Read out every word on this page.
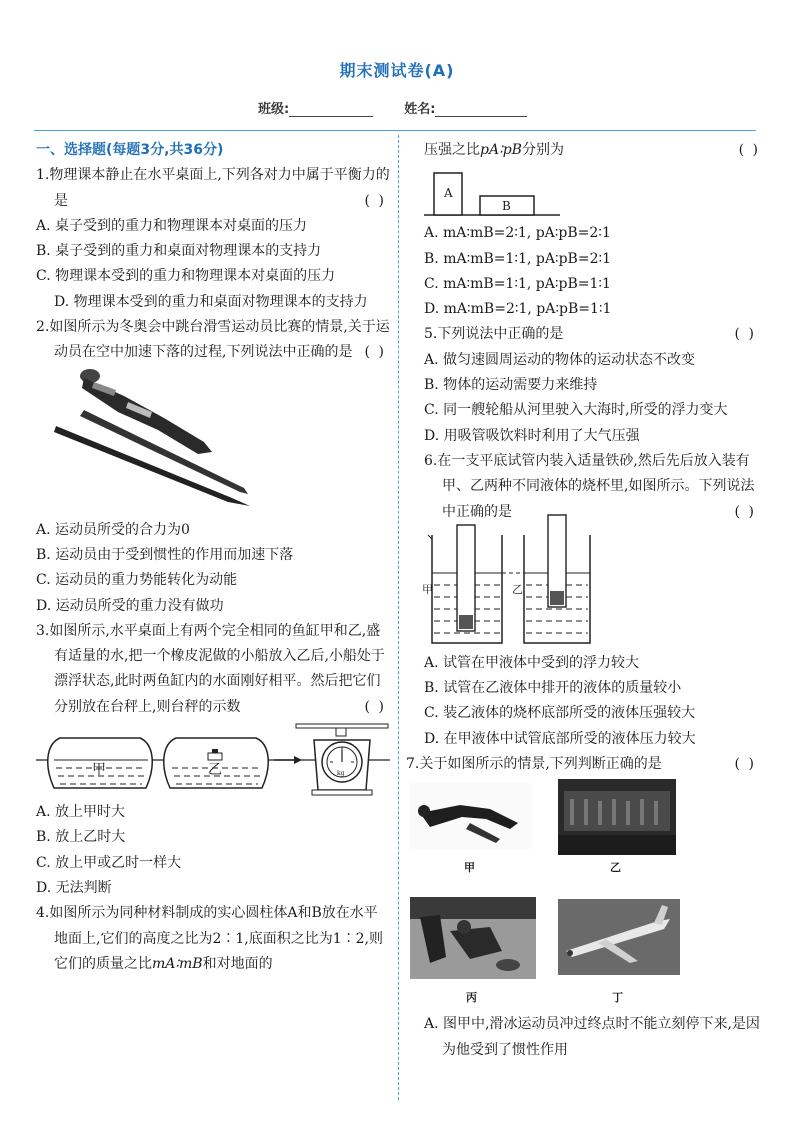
期末测试卷(A)
班级:	姓名:
一、选择题(每题3分,共36分)
1.物理课本静止在水平桌面上,下列各对力中属于平衡力的是	( )
A. 桌子受到的重力和物理课本对桌面的压力
B. 桌子受到的重力和桌面对物理课本的支持力
C. 物理课本受到的重力和物理课本对桌面的压力
D. 物理课本受到的重力和桌面对物理课本的支持力
2.如图所示为冬奥会中跳台滑雪运动员比赛的情景,关于运动员在空中加速下落的过程,下列说法中正确的是 ( )
A. 运动员所受的合力为0
B. 运动员由于受到惯性的作用而加速下落
C. 运动员的重力势能转化为动能
D. 运动员所受的重力没有做功
3.如图所示,水平桌面上有两个完全相同的鱼缸甲和乙,盛有适量的水,把一个橡皮泥做的小船放入乙后,小船处于漂浮状态,此时两鱼缸内的水面刚好相平。然后把它们分别放在台秤上,则台秤的示数	( )
甲	乙	kg
A. 放上甲时大
B. 放上乙时大
C. 放上甲或乙时一样大
D. 无法判断
4.如图所示为同种材料制成的实心圆柱体A和B放在水平地面上,它们的高度之比为2∶1,底面积之比为1∶2,则它们的质量之比mA∶mB和对地面的
压强之比pA∶pB分别为	( )
A
B
A. mA∶mB=2∶1, pA∶pB=2∶1
B. mA∶mB=1∶1, pA∶pB=2∶1
C. mA∶mB=1∶1, pA∶pB=1∶1
D. mA∶mB=2∶1, pA∶pB=1∶1
5.下列说法中正确的是	( )
A. 做匀速圆周运动的物体的运动状态不改变
B. 物体的运动需要力来维持
C. 同一艘轮船从河里驶入大海时,所受的浮力变大
D. 用吸管吸饮料时利用了大气压强
6.在一支平底试管内装入适量铁砂,然后先后放入装有甲、乙两种不同液体的烧杯里,如图所示。下列说法中正确的是	( )
甲	乙
A. 试管在甲液体中受到的浮力较大
B. 试管在乙液体中排开的液体的质量较小
C. 装乙液体的烧杯底部所受的液体压强较大
D. 在甲液体中试管底部所受的液体压力较大
7.关于如图所示的情景,下列判断正确的是	( )
甲	乙
丙	丁
A. 图甲中,滑冰运动员冲过终点时不能立刻停下来,是因为他受到了惯性作用
